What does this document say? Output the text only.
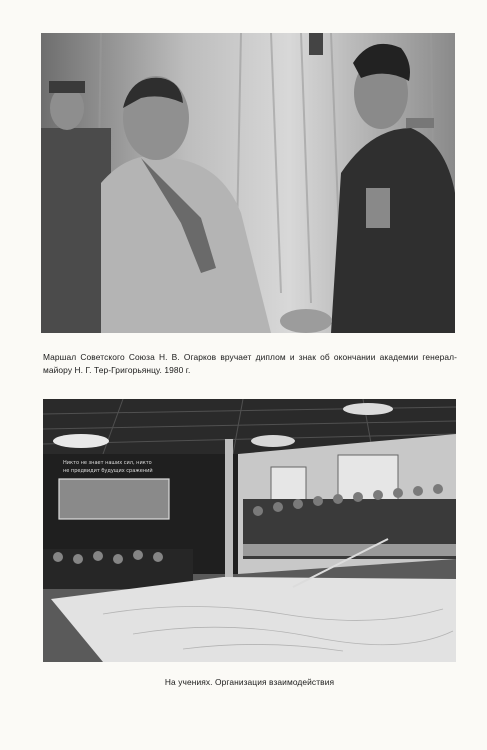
Маршал Советского Союза Н. В. Огарков вручает диплом и знак об окончании академии генерал-майору Н. Г. Тер-Григорьянцу. 1980 г.
Никто не знает наших сил, никто
не предвидит будущих сражений
На учениях. Организация взаимодействия
